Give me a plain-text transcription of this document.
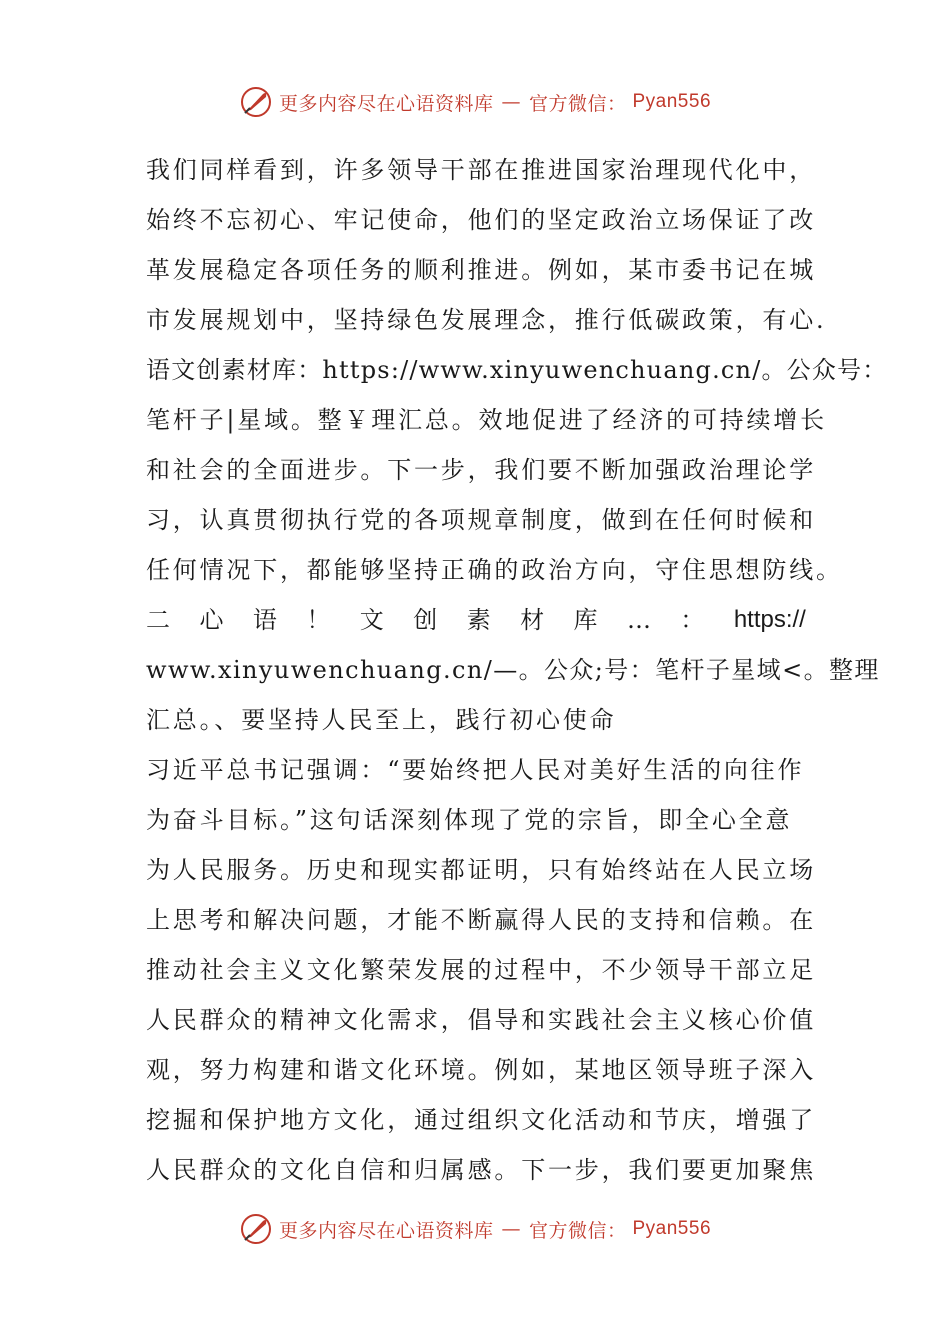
更多内容尽在心语资料库 — 官方微信： Pyan556
我们同样看到，许多领导干部在推进国家治理现代化中，
始终不忘初心、牢记使命，他们的坚定政治立场保证了改
革发展稳定各项任务的顺利推进。例如，某市委书记在城
市发展规划中，坚持绿色发展理念，推行低碳政策，有心.
语文创素材库：https://www.xinyuwenchuang.cn/。公众号：
笔杆子|星域。整￥理汇总。效地促进了经济的可持续增长
和社会的全面进步。下一步，我们要不断加强政治理论学
习，认真贯彻执行党的各项规章制度，做到在任何时候和
任何情况下，都能够坚持正确的政治方向，守住思想防线。
二 心 语 ！ 文 创 素 材 库 … ： https://
www.xinyuwenchuang.cn/—。公众;号：笔杆子星域<。整理
汇总。、要坚持人民至上，践行初心使命
习近平总书记强调：“要始终把人民对美好生活的向往作
为奋斗目标。”这句话深刻体现了党的宗旨，即全心全意
为人民服务。历史和现实都证明，只有始终站在人民立场
上思考和解决问题，才能不断赢得人民的支持和信赖。在
推动社会主义文化繁荣发展的过程中，不少领导干部立足
人民群众的精神文化需求，倡导和实践社会主义核心价值
观，努力构建和谐文化环境。例如，某地区领导班子深入
挖掘和保护地方文化，通过组织文化活动和节庆，增强了
人民群众的文化自信和归属感。下一步，我们要更加聚焦
更多内容尽在心语资料库 — 官方微信： Pyan556
